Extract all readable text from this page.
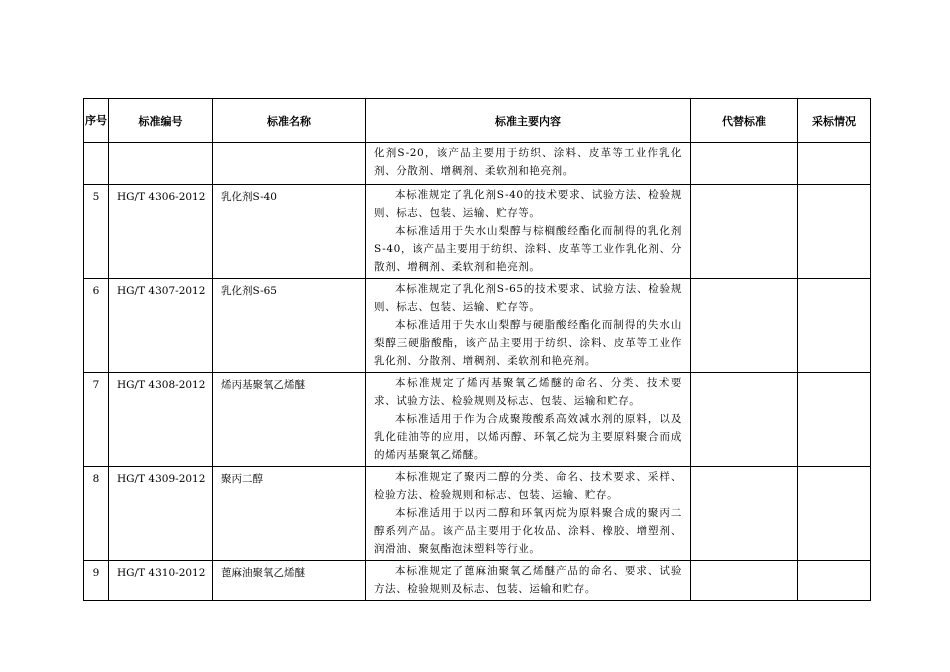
序号	标准编号	标准名称	标准主要内容	代替标准	采标情况

			化剂S-20，该产品主要用于纺织、涂料、皮革等工业作乳化剂、分散剂、增稠剂、柔软剂和艳亮剂。		

5	HG/T 4306-2012	乳化剂S-40	本标准规定了乳化剂S-40的技术要求、试验方法、检验规则、标志、包装、运输、贮存等。

本标准适用于失水山梨醇与棕榈酸经酯化而制得的乳化剂S-40，该产品主要用于纺织、涂料、皮革等工业作乳化剂、分散剂、增稠剂、柔软剂和艳亮剂。		

6	HG/T 4307-2012	乳化剂S-65	本标准规定了乳化剂S-65的技术要求、试验方法、检验规则、标志、包装、运输、贮存等。

本标准适用于失水山梨醇与硬脂酸经酯化而制得的失水山梨醇三硬脂酸酯，该产品主要用于纺织、涂料、皮革等工业作乳化剂、分散剂、增稠剂、柔软剂和艳亮剂。		

7	HG/T 4308-2012	烯丙基聚氧乙烯醚	本标准规定了烯丙基聚氧乙烯醚的命名、分类、技术要求、试验方法、检验规则及标志、包装、运输和贮存。

本标准适用于作为合成聚羧酸系高效减水剂的原料，以及乳化硅油等的应用，以烯丙醇、环氧乙烷为主要原料聚合而成的烯丙基聚氧乙烯醚。		

8	HG/T 4309-2012	聚丙二醇	本标准规定了聚丙二醇的分类、命名、技术要求、采样、检验方法、检验规则和标志、包装、运输、贮存。

本标准适用于以丙二醇和环氧丙烷为原料聚合成的聚丙二醇系列产品。该产品主要用于化妆品、涂料、橡胶、增塑剂、润滑油、聚氨酯泡沫塑料等行业。		

9	HG/T 4310-2012	蓖麻油聚氧乙烯醚	本标准规定了蓖麻油聚氧乙烯醚产品的命名、要求、试验方法、检验规则及标志、包装、运输和贮存。		
